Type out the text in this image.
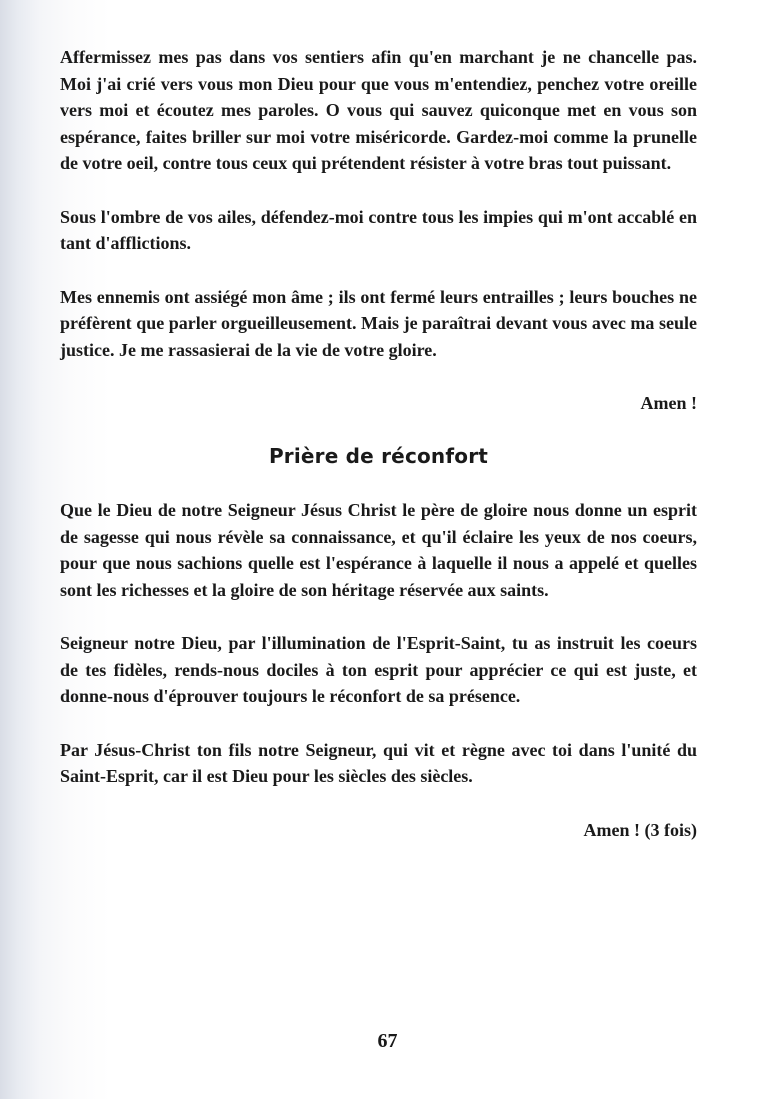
Affermissez mes pas dans vos sentiers afin qu'en marchant je ne chancelle pas. Moi j'ai crié vers vous mon Dieu pour que vous m'entendiez, penchez votre oreille vers moi et écoutez mes paroles. O vous qui sauvez quiconque met en vous son espérance, faites briller sur moi votre miséricorde. Gardez-moi comme la prunelle de votre oeil, contre tous ceux qui prétendent résister à votre bras tout puissant.

Sous l'ombre de vos ailes, défendez-moi contre tous les impies qui m'ont accablé en tant d'afflictions.

Mes ennemis ont assiégé mon âme ; ils ont fermé leurs entrailles ; leurs bouches ne préfèrent que parler orgueilleusement. Mais je paraîtrai devant vous avec ma seule justice. Je me rassasierai de la vie de votre gloire.

Amen !

Prière de réconfort

Que le Dieu de notre Seigneur Jésus Christ le père de gloire nous donne un esprit de sagesse qui nous révèle sa connaissance, et qu'il éclaire les yeux de nos coeurs, pour que nous sachions quelle est l'espérance à laquelle il nous a appelé et quelles sont les richesses et la gloire de son héritage réservée aux saints.

Seigneur notre Dieu, par l'illumination de l'Esprit-Saint, tu as instruit les coeurs de tes fidèles, rends-nous dociles à ton esprit pour apprécier ce qui est juste, et donne-nous d'éprouver toujours le réconfort de sa présence.

Par Jésus-Christ ton fils notre Seigneur, qui vit et règne avec toi dans l'unité du Saint-Esprit, car il est Dieu pour les siècles des siècles.

Amen ! (3 fois)

67
